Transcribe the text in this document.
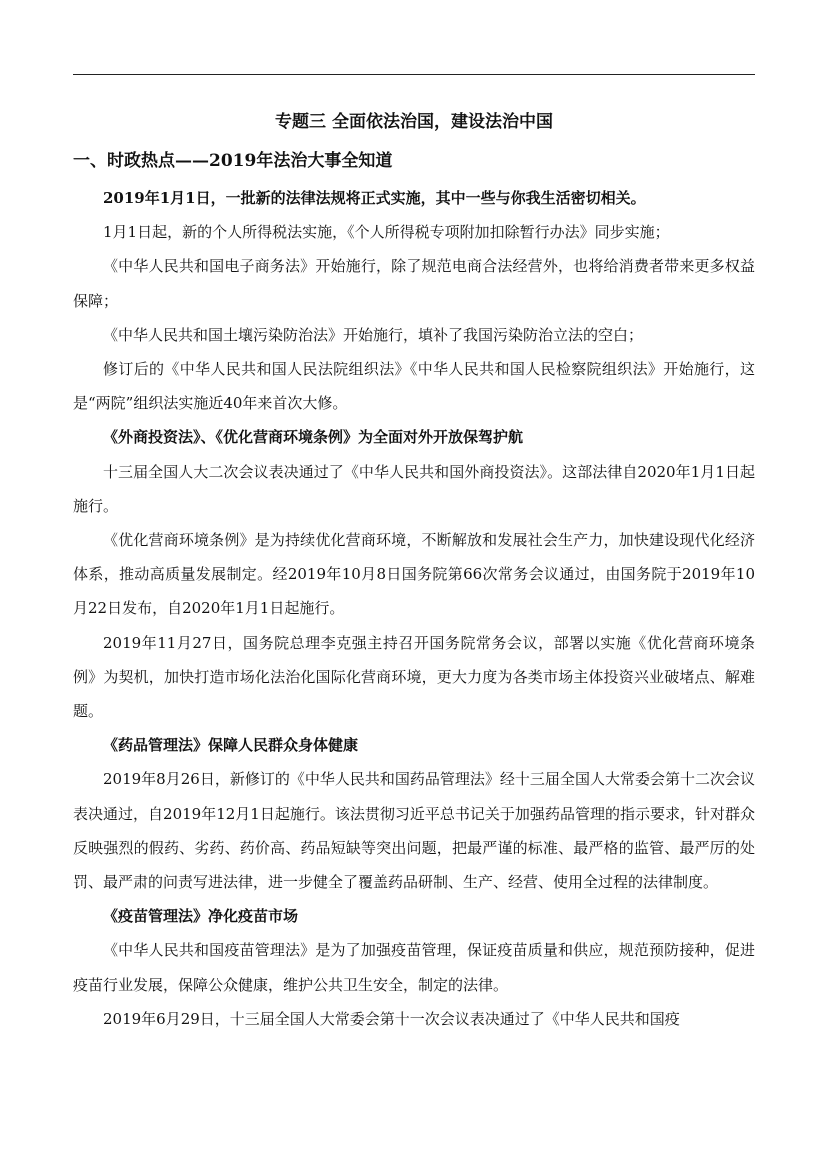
专题三 全面依法治国，建设法治中国
一、时政热点——2019年法治大事全知道

2019年1月1日，一批新的法律法规将正式实施，其中一些与你我生活密切相关。

1月1日起，新的个人所得税法实施，《个人所得税专项附加扣除暂行办法》同步实施；

《中华人民共和国电子商务法》开始施行，除了规范电商合法经营外，也将给消费者带来更多权益保障；

《中华人民共和国土壤污染防治法》开始施行，填补了我国污染防治立法的空白；

修订后的《中华人民共和国人民法院组织法》《中华人民共和国人民检察院组织法》开始施行，这是“两院”组织法实施近40年来首次大修。

《外商投资法》、《优化营商环境条例》为全面对外开放保驾护航

十三届全国人大二次会议表决通过了《中华人民共和国外商投资法》。这部法律自2020年1月1日起施行。

《优化营商环境条例》是为持续优化营商环境，不断解放和发展社会生产力，加快建设现代化经济体系，推动高质量发展制定。经2019年10月8日国务院第66次常务会议通过，由国务院于2019年10月22日发布，自2020年1月1日起施行。

2019年11月27日，国务院总理李克强主持召开国务院常务会议，部署以实施《优化营商环境条例》为契机，加快打造市场化法治化国际化营商环境，更大力度为各类市场主体投资兴业破堵点、解难题。

《药品管理法》保障人民群众身体健康

2019年8月26日，新修订的《中华人民共和国药品管理法》经十三届全国人大常委会第十二次会议表决通过，自2019年12月1日起施行。该法贯彻习近平总书记关于加强药品管理的指示要求，针对群众反映强烈的假药、劣药、药价高、药品短缺等突出问题，把最严谨的标准、最严格的监管、最严厉的处罚、最严肃的问责写进法律，进一步健全了覆盖药品研制、生产、经营、使用全过程的法律制度。

《疫苗管理法》净化疫苗市场

《中华人民共和国疫苗管理法》是为了加强疫苗管理，保证疫苗质量和供应，规范预防接种，促进疫苗行业发展，保障公众健康，维护公共卫生安全，制定的法律。

2019年6月29日，十三届全国人大常委会第十一次会议表决通过了《中华人民共和国疫
